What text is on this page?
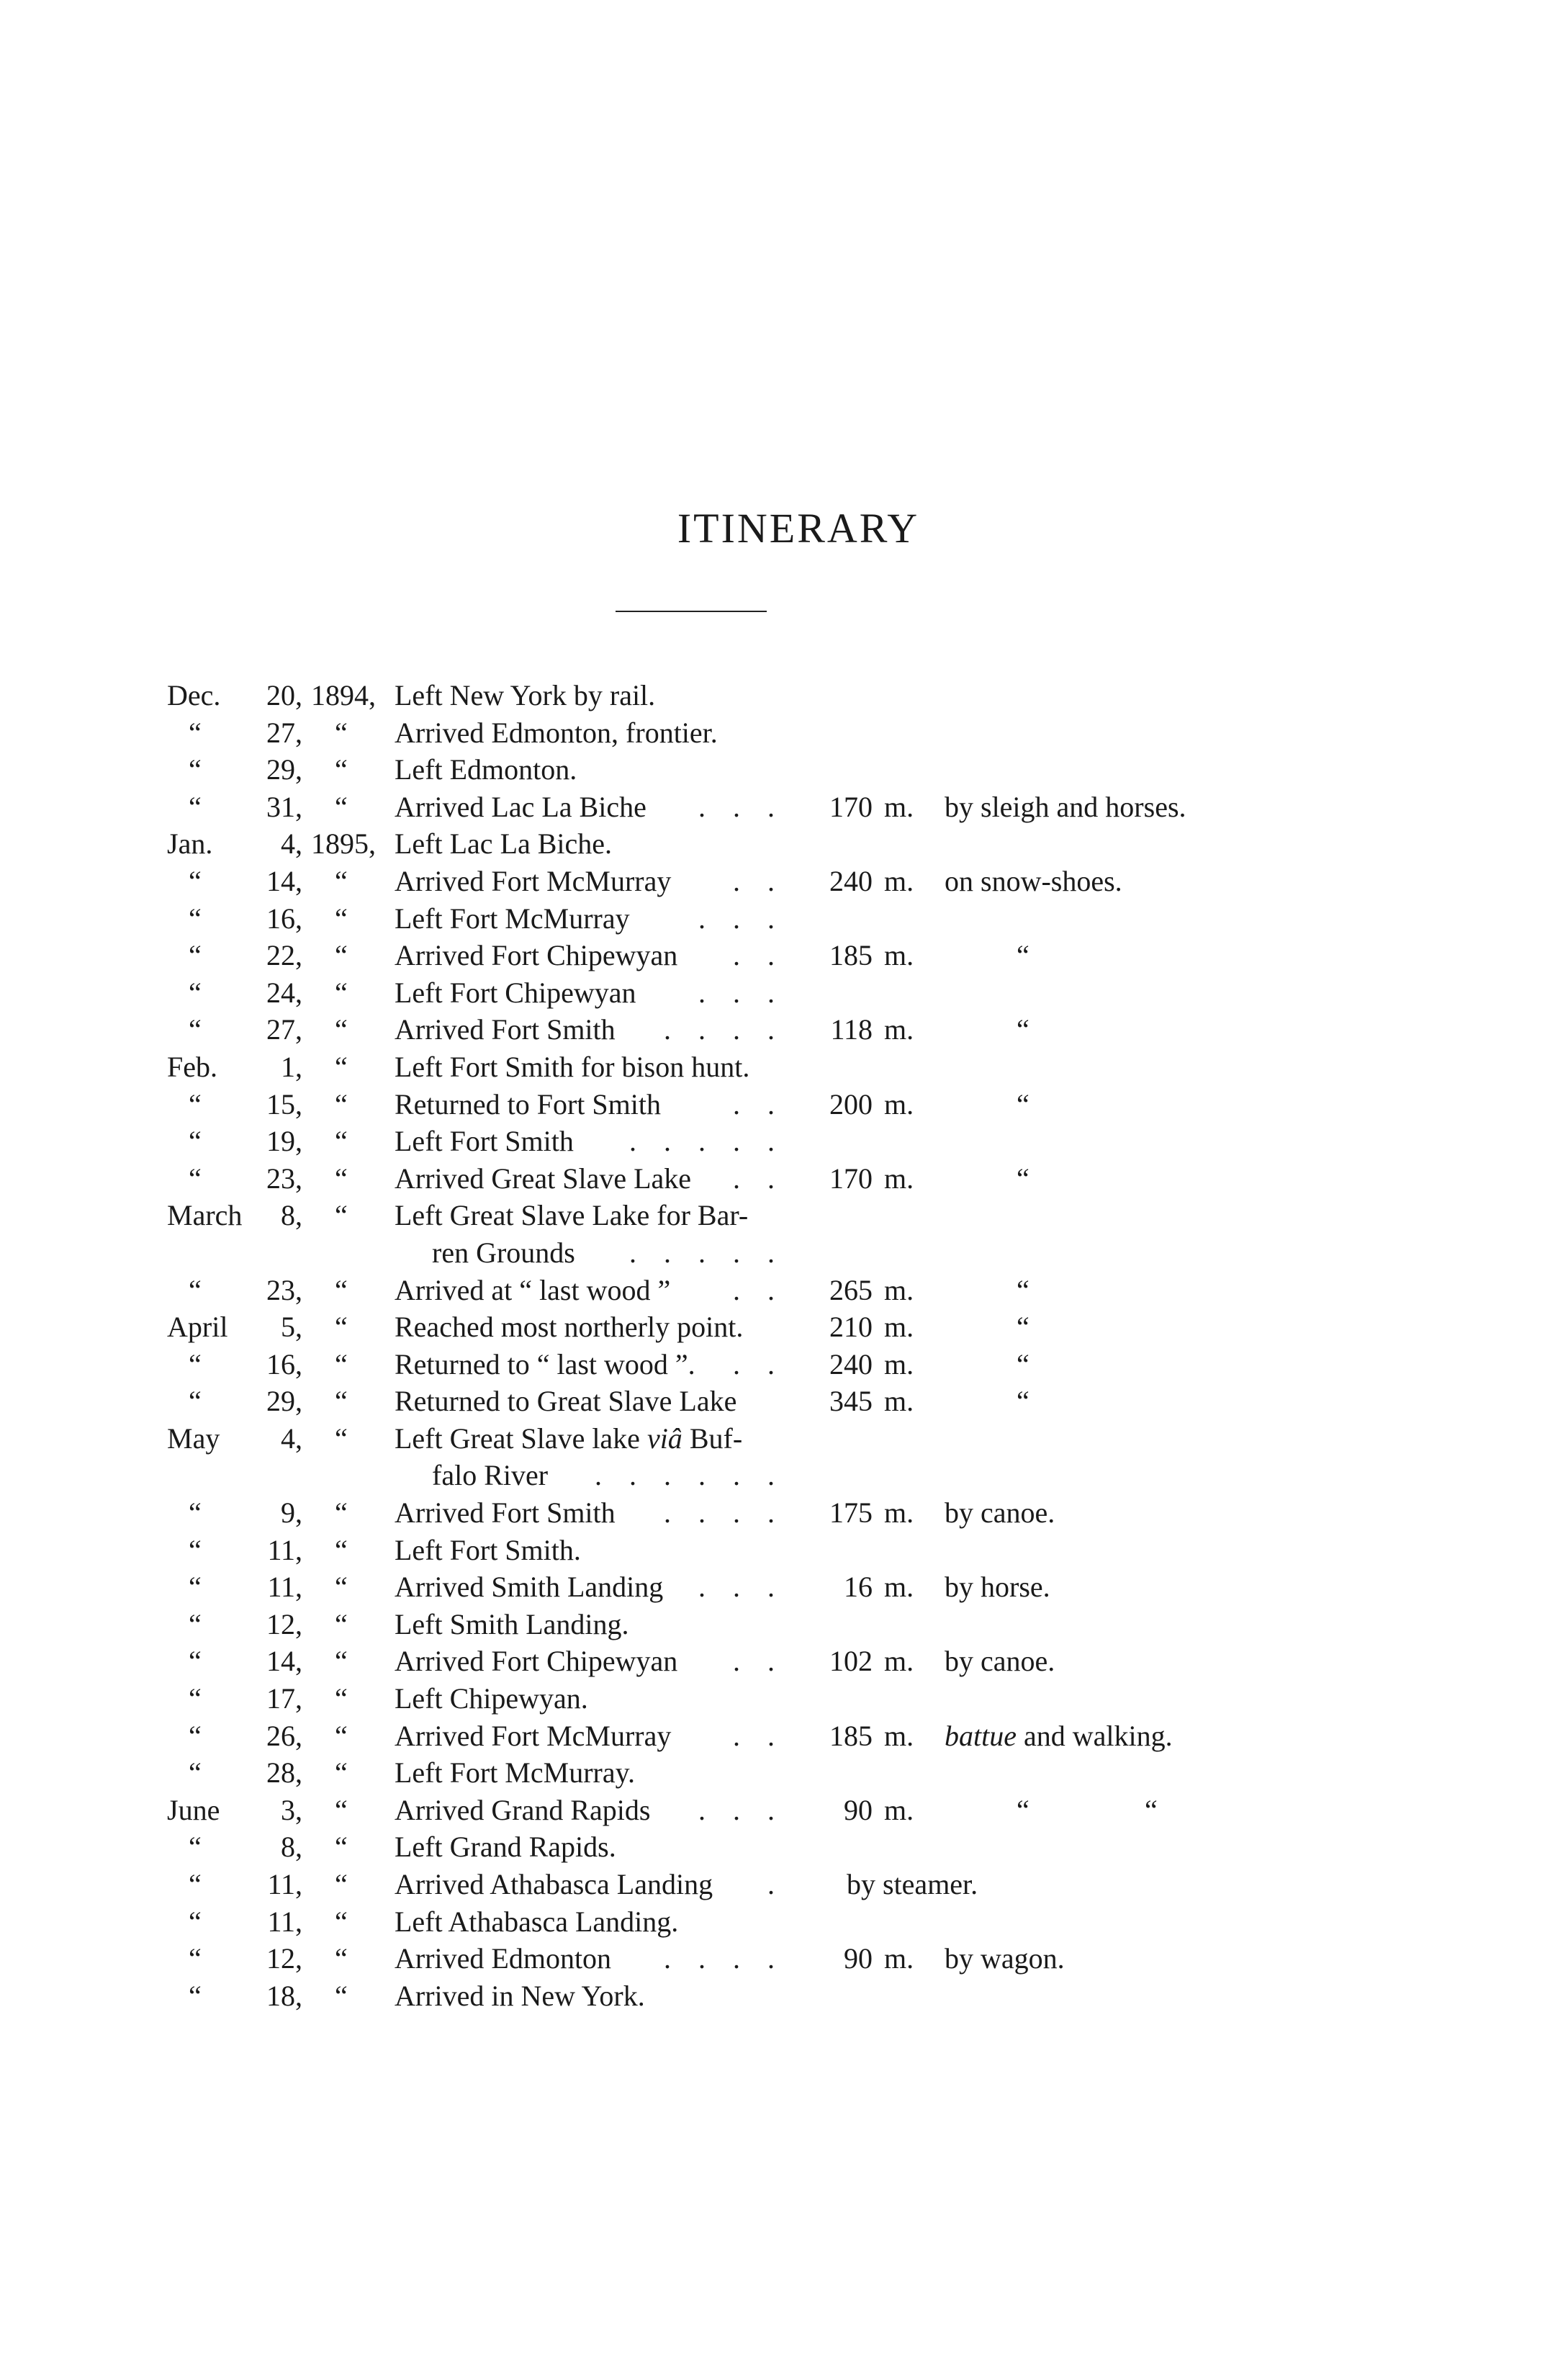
ITINERARY
Dec.	20, 1894, Left New York by rail.
“	27, “	Arrived Edmonton, frontier.
“	29, “	Left Edmonton.
“	31, “	Arrived Lac La Biche . . .	170 m. by sleigh and horses.
Jan.	4, 1895, Left Lac La Biche.
“	14, “	Arrived Fort McMurray . .	240 m. on snow-shoes.
“	16, “	Left Fort McMurray . . .
“	22, “	Arrived Fort Chipewyan . .	185 m.	“
“	24, “	Left Fort Chipewyan . . .
“	27, “	Arrived Fort Smith . . . .	118 m.	“
Feb.	1, “	Left Fort Smith for bison hunt.
“	15, “	Returned to Fort Smith	. .	200 m.	“
“	19, “	Left Fort Smith . . . . .
“	23, “	Arrived Great Slave Lake . .	170 m.	“
March	8, “	Left Great Slave Lake for Bar-
ren Grounds . . . . .
“	23, “	Arrived at “ last wood ” . .	265 m.	“
April	5, “	Reached most northerly point.	210 m.	“
“	16, “	Returned to “ last wood ”. . .	240 m.	“
“	29, “	Returned to Great Slave Lake	345 m.	“
May	4, “	Left Great Slave lake viâ Buf-
falo River . . . . . .
“	9, “	Arrived Fort Smith . . . .	175 m. by canoe.
“	11, “	Left Fort Smith.
“	11, “	Arrived Smith Landing . . .	16 m. by horse.
“	12, “	Left Smith Landing.
“	14, “	Arrived Fort Chipewyan . .	102 m. by canoe.
“	17, “	Left Chipewyan.
“	26, “	Arrived Fort McMurray . .	185 m. battue and walking.
“	28, “	Left Fort McMurray.
June	3, “	Arrived Grand Rapids . . .	90 m.	“	“
“	8, “	Left Grand Rapids.
“	11, “	Arrived Athabasca Landing . by steamer.
“	11, “	Left Athabasca Landing.
“	12, “	Arrived Edmonton . . . .	90 m. by wagon.
“	18, “	Arrived in New York.
